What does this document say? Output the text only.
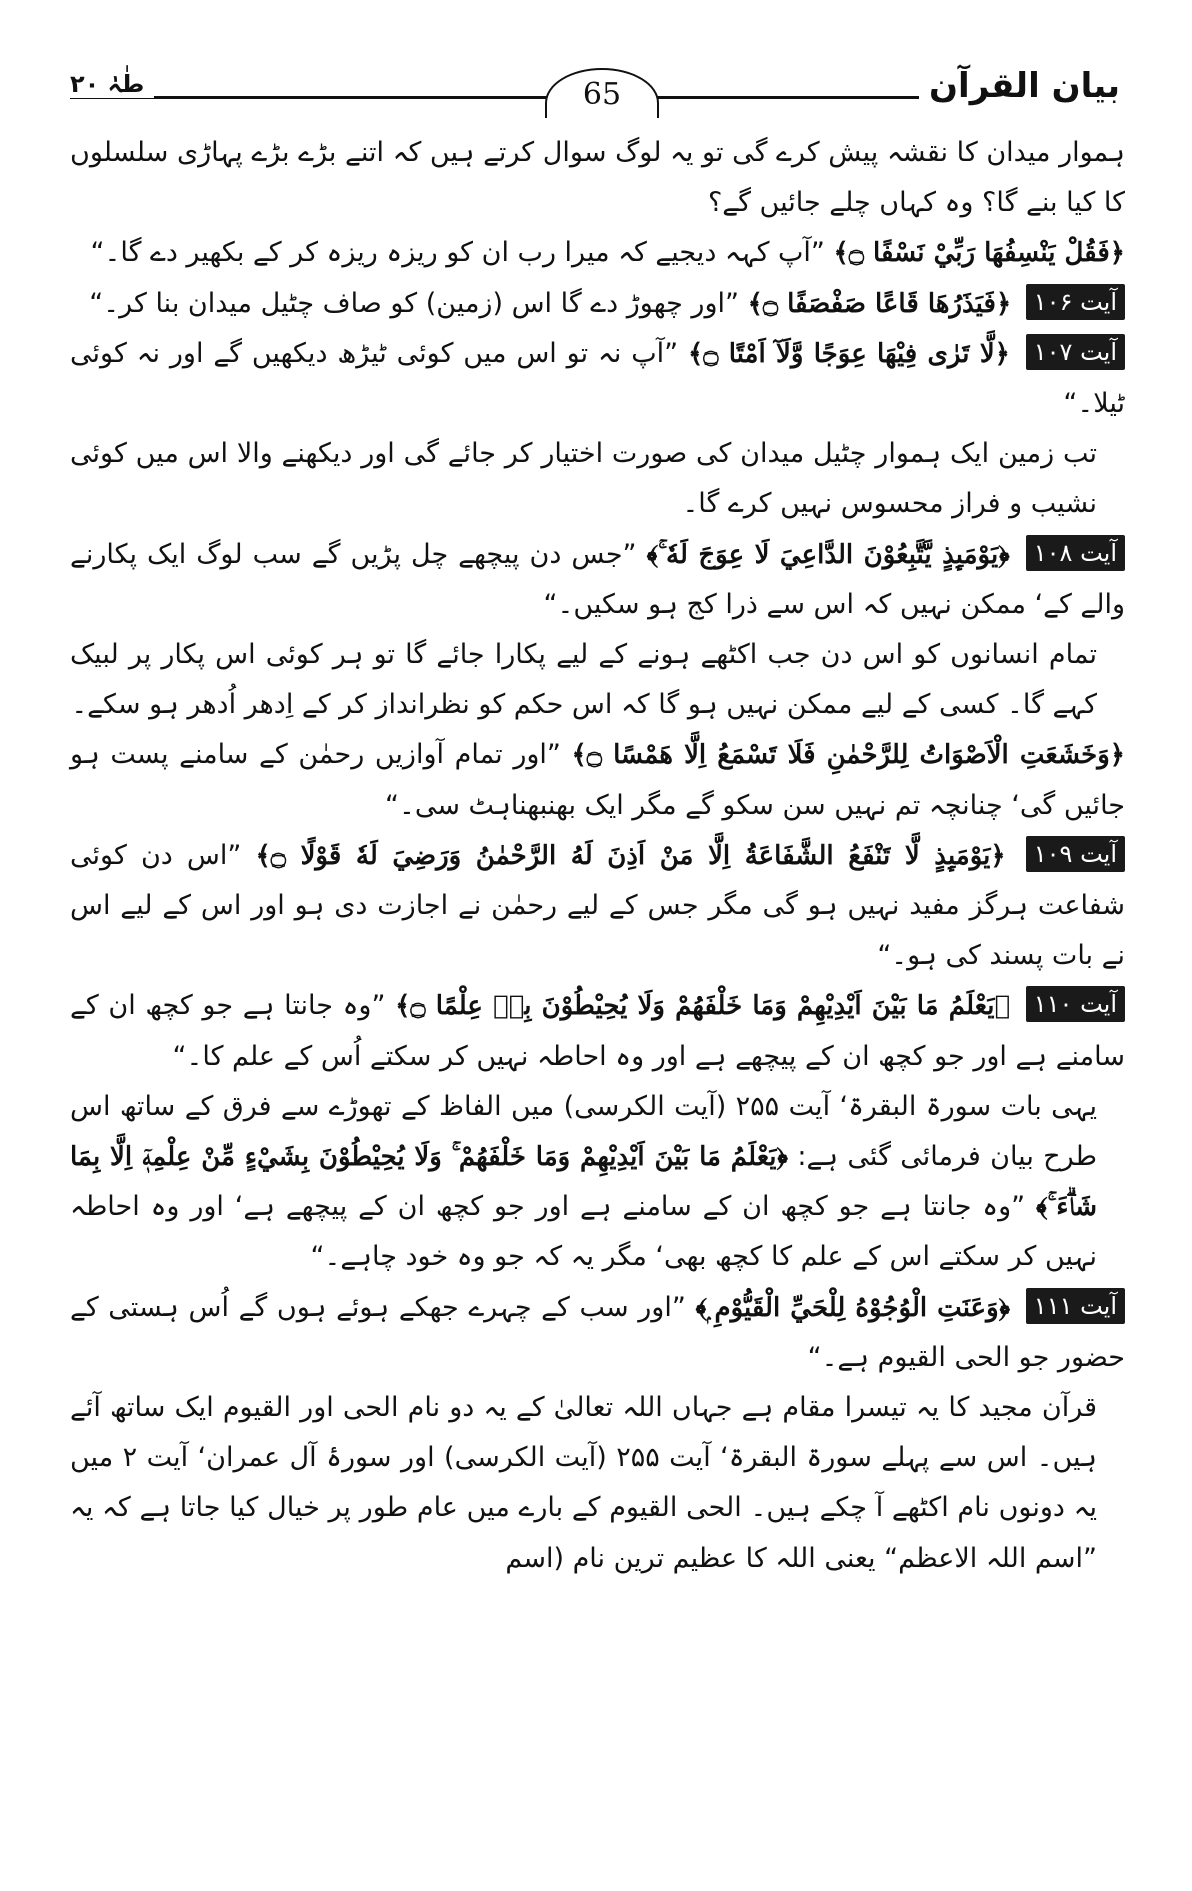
65	بیان القرآن
طٰہٰ ۲۰

ہموار میدان کا نقشہ پیش کرے گی تو یہ لوگ سوال کرتے ہیں کہ اتنے بڑے بڑے پہاڑی سلسلوں کا کیا بنے گا؟ وہ کہاں چلے جائیں گے؟

﴿فَقُلْ يَنْسِفُهَا رَبِّيْ نَسْفًا ۝﴾ ”آپ کہہ دیجیے کہ میرا رب ان کو ریزہ ریزہ کر کے بکھیر دے گا۔“

آیت ۱۰۶ ﴿فَيَذَرُهَا قَاعًا صَفْصَفًا ۝﴾ ”اور چھوڑ دے گا اس (زمین) کو صاف چٹیل میدان بنا کر۔“

آیت ۱۰۷ ﴿لَّا تَرٰى فِيْهَا عِوَجًا وَّلَآ اَمْتًا ۝﴾ ”آپ نہ تو اس میں کوئی ٹیڑھ دیکھیں گے اور نہ کوئی ٹیلا۔“

تب زمین ایک ہموار چٹیل میدان کی صورت اختیار کر جائے گی اور دیکھنے والا اس میں کوئی نشیب و فراز محسوس نہیں کرے گا۔

آیت ۱۰۸ ﴿يَوْمَىِٕذٍ يَّتَّبِعُوْنَ الدَّاعِيَ لَا عِوَجَ لَهٗ ۚ﴾ ”جس دن پیچھے چل پڑیں گے سب لوگ ایک پکارنے والے کے‘ ممکن نہیں کہ اس سے ذرا کج ہو سکیں۔“

تمام انسانوں کو اس دن جب اکٹھے ہونے کے لیے پکارا جائے گا تو ہر کوئی اس پکار پر لبیک کہے گا۔ کسی کے لیے ممکن نہیں ہو گا کہ اس حکم کو نظرانداز کر کے اِدھر اُدھر ہو سکے۔

﴿وَخَشَعَتِ الْاَصْوَاتُ لِلرَّحْمٰنِ فَلَا تَسْمَعُ اِلَّا هَمْسًا ۝﴾ ”اور تمام آوازیں رحمٰن کے سامنے پست ہو جائیں گی‘ چنانچہ تم نہیں سن سکو گے مگر ایک بھنبھناہٹ سی۔“

آیت ۱۰۹ ﴿يَوْمَىِٕذٍ لَّا تَنْفَعُ الشَّفَاعَةُ اِلَّا مَنْ اَذِنَ لَهُ الرَّحْمٰنُ وَرَضِيَ لَهٗ قَوْلًا ۝﴾ ”اس دن کوئی شفاعت ہرگز مفید نہیں ہو گی مگر جس کے لیے رحمٰن نے اجازت دی ہو اور اس کے لیے اس نے بات پسند کی ہو۔“

آیت ۱۱۰ ﴿يَعْلَمُ مَا بَيْنَ اَيْدِيْهِمْ وَمَا خَلْفَهُمْ وَلَا يُحِيْطُوْنَ بِهٖ عِلْمًا ۝﴾ ”وہ جانتا ہے جو کچھ ان کے سامنے ہے اور جو کچھ ان کے پیچھے ہے اور وہ احاطہ نہیں کر سکتے اُس کے علم کا۔“

یہی بات سورۃ البقرۃ‘ آیت ۲۵۵ (آیت الکرسی) میں الفاظ کے تھوڑے سے فرق کے ساتھ اس طرح بیان فرمائی گئی ہے: ﴿يَعْلَمُ مَا بَيْنَ اَيْدِيْهِمْ وَمَا خَلْفَهُمْ ۚ وَلَا يُحِيْطُوْنَ بِشَيْءٍ مِّنْ عِلْمِهٖٓ اِلَّا بِمَا شَاۗءَ ۚ﴾ ”وہ جانتا ہے جو کچھ ان کے سامنے ہے اور جو کچھ ان کے پیچھے ہے‘ اور وہ احاطہ نہیں کر سکتے اس کے علم کا کچھ بھی‘ مگر یہ کہ جو وہ خود چاہے۔“

آیت ۱۱۱ ﴿وَعَنَتِ الْوُجُوْهُ لِلْحَيِّ الْقَيُّوْمِ ۭ﴾ ”اور سب کے چہرے جھکے ہوئے ہوں گے اُس ہستی کے حضور جو الحی القیوم ہے۔“

قرآن مجید کا یہ تیسرا مقام ہے جہاں اللہ تعالیٰ کے یہ دو نام الحی اور القیوم ایک ساتھ آئے ہیں۔ اس سے پہلے سورۃ البقرۃ‘ آیت ۲۵۵ (آیت الکرسی) اور سورۂ آل عمران‘ آیت ۲ میں یہ دونوں نام اکٹھے آ چکے ہیں۔ الحی القیوم کے بارے میں عام طور پر خیال کیا جاتا ہے کہ یہ ”اسم اللہ الاعظم“ یعنی اللہ کا عظیم ترین نام (اسم
